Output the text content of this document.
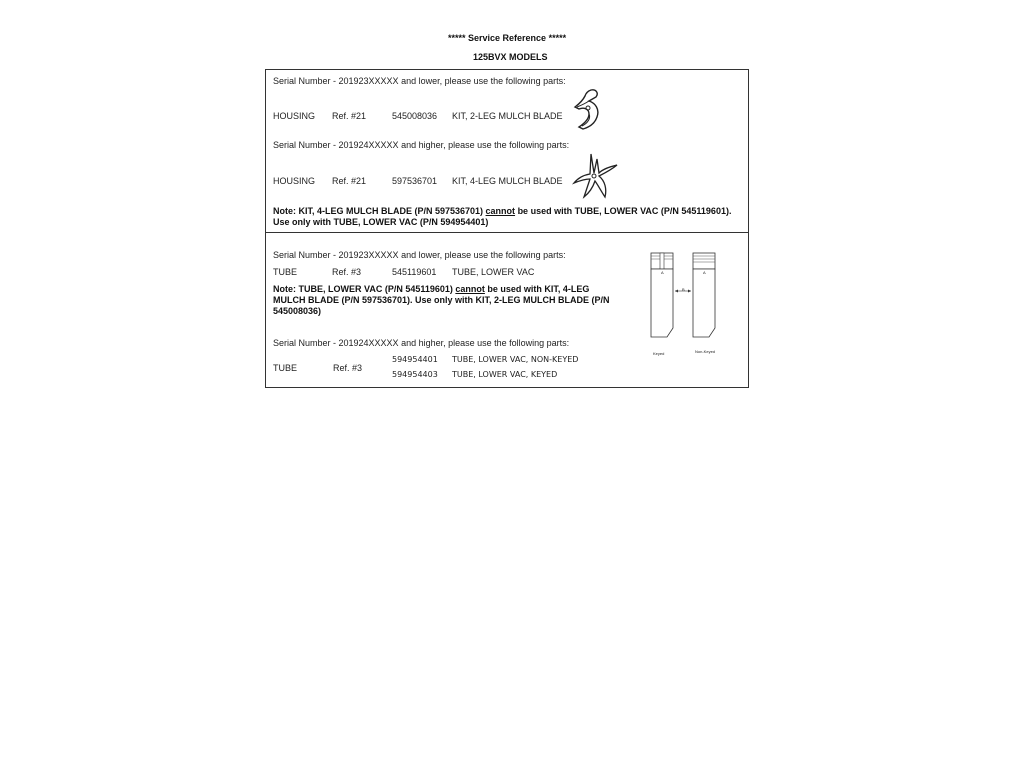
***** Service Reference *****
125BVX MODELS
Serial Number - 201923XXXXX and lower, please use the following parts:
HOUSING Ref. #21	545008036 KIT, 2-LEG MULCH BLADE
Serial Number - 201924XXXXX and higher, please use the following parts:
HOUSING Ref. #21	597536701 KIT, 4-LEG MULCH BLADE
Note: KIT, 4-LEG MULCH BLADE (P/N 597536701) cannot be used with TUBE, LOWER VAC (P/N 545119601). Use only with TUBE, LOWER VAC (P/N 594954401)
Serial Number - 201923XXXXX and lower, please use the following parts:
TUBE	Ref. #3	545119601 TUBE, LOWER VAC
Note: TUBE, LOWER VAC (P/N 545119601) cannot be used with KIT, 4-LEG MULCH BLADE (P/N 597536701). Use only with KIT, 2-LEG MULCH BLADE (P/N 545008036)
Serial Number - 201924XXXXX and higher, please use the following parts:
TUBE	Ref. #3
594954401 TUBE, LOWER VAC, NON-KEYED
594954403 TUBE, LOWER VAC, KEYED
A	A
B
Keyed	Non-Keyed
